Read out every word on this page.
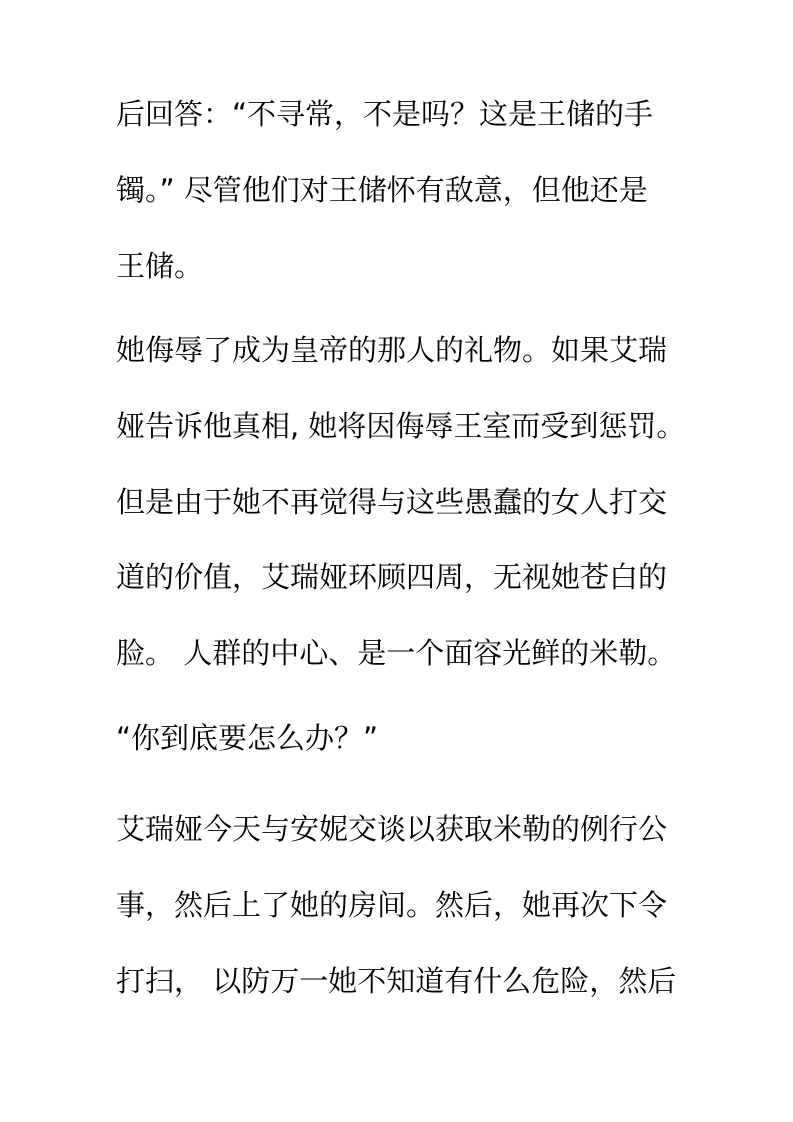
后回答：“不寻常，不是吗？这是王储的手
镯。” 尽管他们对王储怀有敌意，但他还是
王储。
她侮辱了成为皇帝的那人的礼物。如果艾瑞
娅告诉他真相, 她将因侮辱王室而受到惩罚。
但是由于她不再觉得与这些愚蠢的女人打交
道的价值，艾瑞娅环顾四周，无视她苍白的
脸。 人群的中心、是一个面容光鲜的米勒。
“你到底要怎么办？”
艾瑞娅今天与安妮交谈以获取米勒的例行公
事，然后上了她的房间。然后，她再次下令
打扫， 以防万一她不知道有什么危险，然后
